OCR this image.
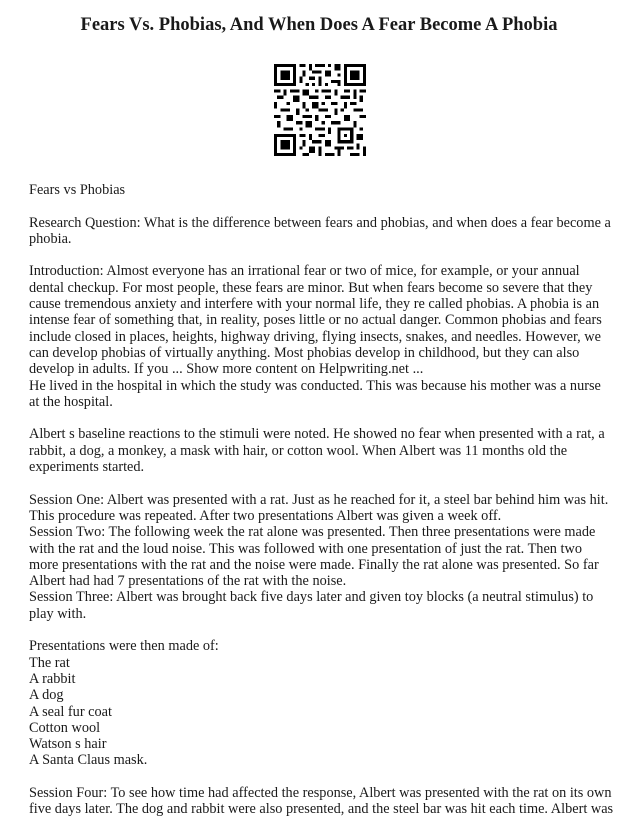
Fears Vs. Phobias, And When Does A Fear Become A Phobia

Fears vs Phobias

Research Question: What is the difference between fears and phobias, and when does a fear become a phobia.

Introduction: Almost everyone has an irrational fear or two of mice, for example, or your annual dental checkup. For most people, these fears are minor. But when fears become so severe that they cause tremendous anxiety and interfere with your normal life, they re called phobias. A phobia is an intense fear of something that, in reality, poses little or no actual danger. Common phobias and fears include closed in places, heights, highway driving, flying insects, snakes, and needles. However, we can develop phobias of virtually anything. Most phobias develop in childhood, but they can also develop in adults. If you ... Show more content on Helpwriting.net ...

He lived in the hospital in which the study was conducted. This was because his mother was a nurse at the hospital.

Albert s baseline reactions to the stimuli were noted. He showed no fear when presented with a rat, a rabbit, a dog, a monkey, a mask with hair, or cotton wool. When Albert was 11 months old the experiments started.

Session One: Albert was presented with a rat. Just as he reached for it, a steel bar behind him was hit. This procedure was repeated. After two presentations Albert was given a week off.

Session Two: The following week the rat alone was presented. Then three presentations were made with the rat and the loud noise. This was followed with one presentation of just the rat. Then two more presentations with the rat and the noise were made. Finally the rat alone was presented. So far Albert had had 7 presentations of the rat with the noise.

Session Three: Albert was brought back five days later and given toy blocks (a neutral stimulus) to play with.

Presentations were then made of:

The rat
A rabbit
A dog
A seal fur coat
Cotton wool
Watson s hair
A Santa Claus mask.

Session Four: To see how time had affected the response, Albert was presented with the rat on its own five days later. The dog and rabbit were also presented, and the steel bar was hit each time. Albert was
